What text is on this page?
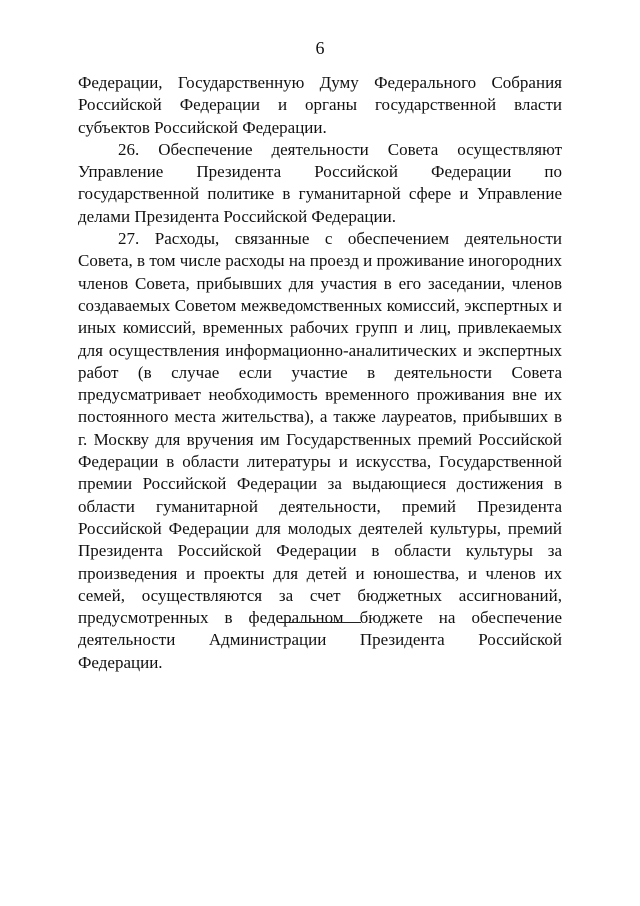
6

Федерации, Государственную Думу Федерального Собрания Российской Федерации и органы государственной власти субъектов Российской Федерации.

26. Обеспечение деятельности Совета осуществляют Управление Президента Российской Федерации по государственной политике в гуманитарной сфере и Управление делами Президента Российской Федерации.

27. Расходы, связанные с обеспечением деятельности Совета, в том числе расходы на проезд и проживание иногородних членов Совета, прибывших для участия в его заседании, членов создаваемых Советом межведомственных комиссий, экспертных и иных комиссий, временных рабочих групп и лиц, привлекаемых для осуществления информационно-аналитических и экспертных работ (в случае если участие в деятельности Совета предусматривает необходимость временного проживания вне их постоянного места жительства), а также лауреатов, прибывших в г. Москву для вручения им Государственных премий Российской Федерации в области литературы и искусства, Государственной премии Российской Федерации за выдающиеся достижения в области гуманитарной деятельности, премий Президента Российской Федерации для молодых деятелей культуры, премий Президента Российской Федерации в области культуры за произведения и проекты для детей и юношества, и членов их семей, осуществляются за счет бюджетных ассигнований, предусмотренных в федеральном бюджете на обеспечение деятельности Администрации Президента Российской Федерации.
